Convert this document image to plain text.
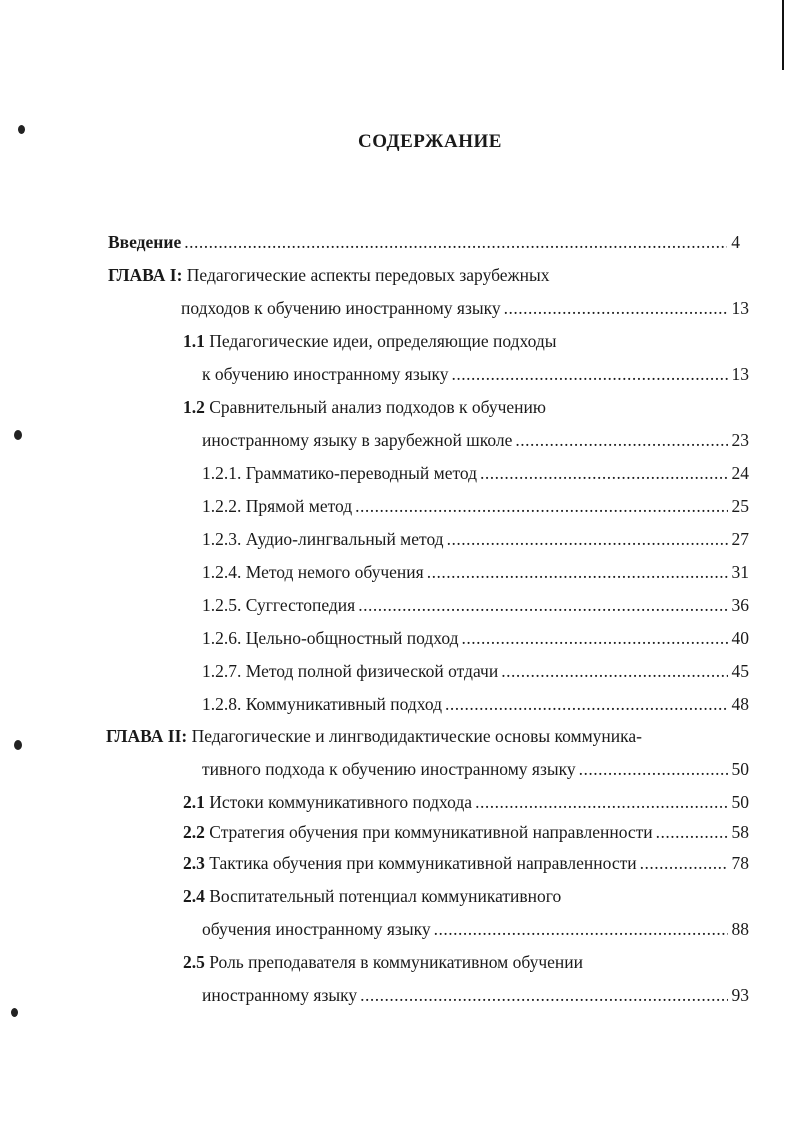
СОДЕРЖАНИЕ
Введение .....	4
ГЛАВА I: Педагогические аспекты передовых зарубежных
подходов к обучению иностранному языку .....	13
1.1 Педагогические идеи, определяющие подходы
к обучению иностранному языку .....	13
1.2 Сравнительный анализ подходов к обучению
иностранному языку в зарубежной школе .....	23
1.2.1. Грамматико-переводный метод .....	24
1.2.2. Прямой метод .....	25
1.2.3. Аудио-лингвальный метод .....	27
1.2.4. Метод немого обучения .....	31
1.2.5. Суггестопедия .....	36
1.2.6. Цельно-общностный подход .....	40
1.2.7. Метод полной физической отдачи .....	45
1.2.8. Коммуникативный подход .....	48
ГЛАВА II: Педагогические и лингводидактические основы коммуника-
тивного подхода к обучению иностранному языку .....	50
2.1 Истоки коммуникативного подхода .....	50
2.2 Стратегия обучения при коммуникативной направленности .....	58
2.3 Тактика обучения при коммуникативной направленности .....	78
2.4 Воспитательный потенциал коммуникативного
обучения иностранному языку .....	88
2.5 Роль преподавателя в коммуникативном обучении
иностранному языку .....	93
